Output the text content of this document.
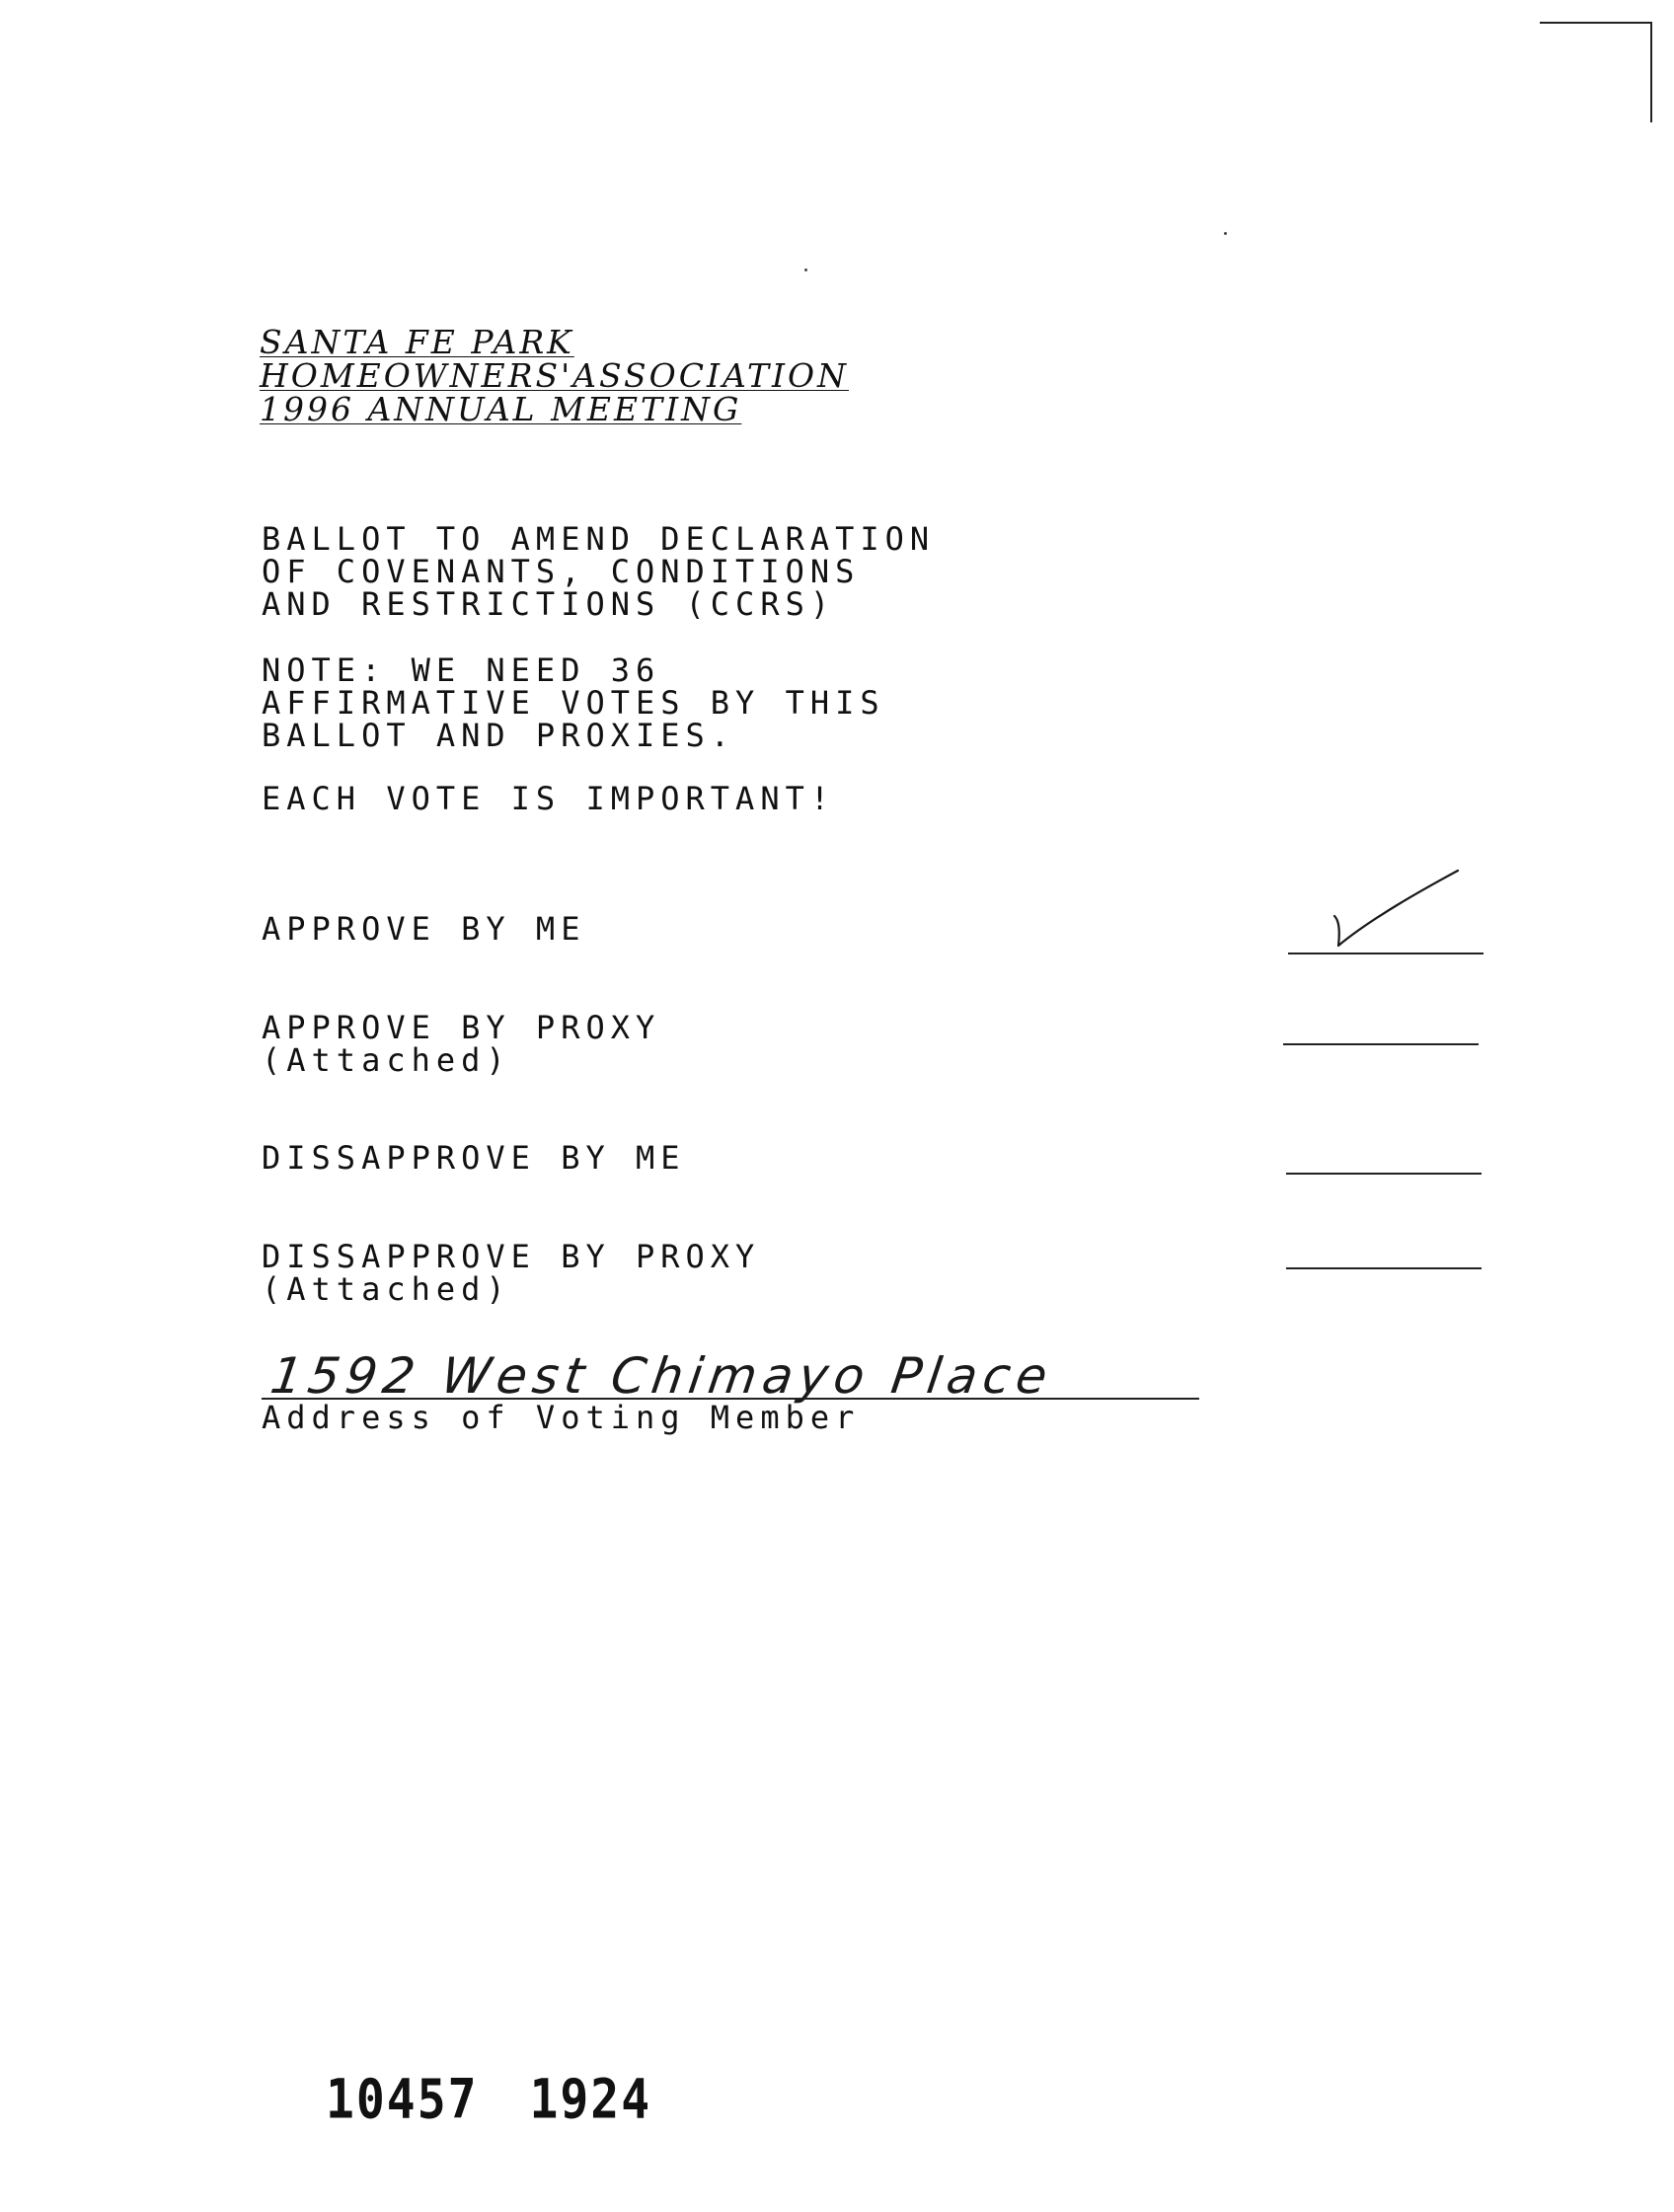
SANTA FE PARK
HOMEOWNERS'ASSOCIATION
1996 ANNUAL MEETING
BALLOT TO AMEND DECLARATION
OF COVENANTS, CONDITIONS
AND RESTRICTIONS (CCRS)
NOTE: WE NEED 36
AFFIRMATIVE VOTES BY THIS
BALLOT AND PROXIES.
EACH VOTE IS IMPORTANT!
APPROVE BY ME
APPROVE BY PROXY
(Attached)
DISSAPPROVE BY ME
DISSAPPROVE BY PROXY
(Attached)
1592 West Chimayo Place
Address of Voting Member
10457 1924
